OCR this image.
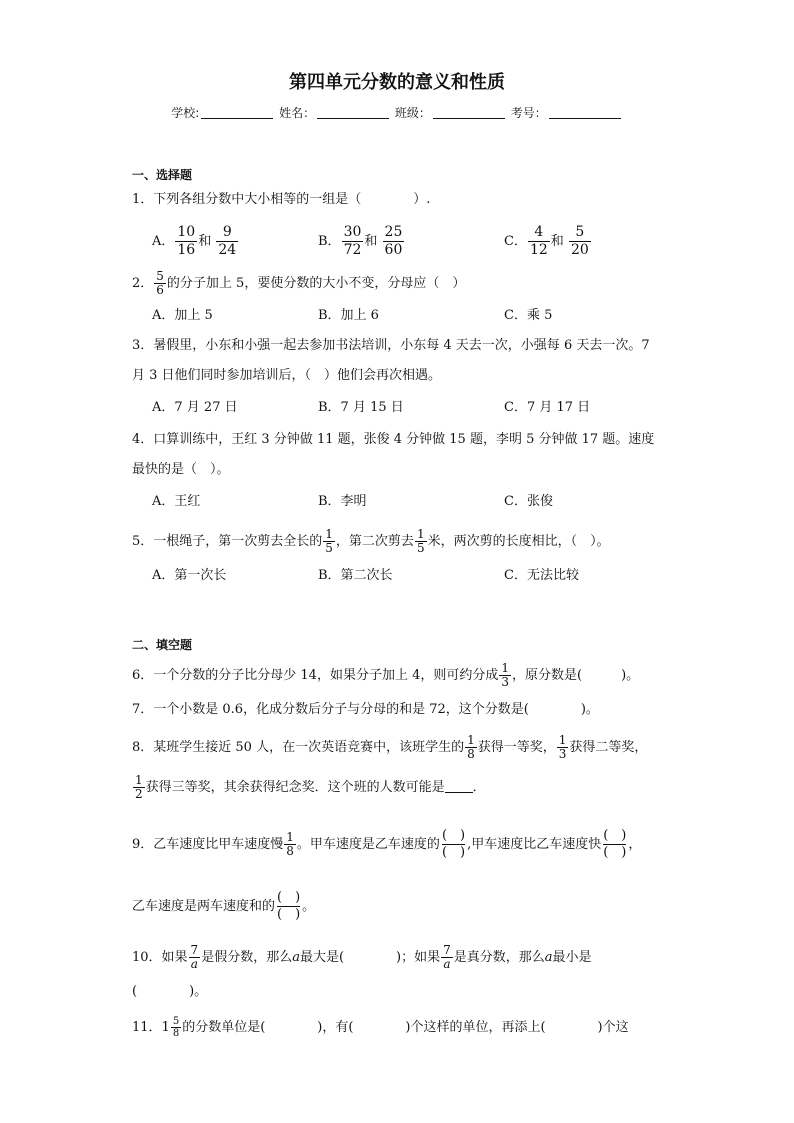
第四单元分数的意义和性质
学校:	姓名：	班级：	考号：
一、选择题
1．下列各组分数中大小相等的一组是（　　　　）.
A． $\frac{10}{16}$ 和 $\frac{9}{24}$	B． $\frac{30}{72}$ 和 $\frac{25}{60}$	C． $\frac{4}{12}$ 和 $\frac{5}{20}$
2． $\frac{5}{6}$ 的分子加上 5，要使分数的大小不变，分母应（　）
A．加上 5	B．加上 6	C．乘 5
3．暑假里，小东和小强一起去参加书法培训，小东每 4 天去一次，小强每 6 天去一次。7
月 3 日他们同时参加培训后，（　）他们会再次相遇。
A．7 月 27 日	B．7 月 15 日	C．7 月 17 日
4．口算训练中，王红 3 分钟做 11 题，张俊 4 分钟做 15 题，李明 5 分钟做 17 题。速度
最快的是（　）。
A．王红	B．李明	C．张俊
5．一根绳子，第一次剪去全长的 $\frac{1}{5}$ ，第二次剪去 $\frac{1}{5}$ 米，两次剪的长度相比，（　）。
A．第一次长	B．第二次长	C．无法比较
二、填空题
6．一个分数的分子比分母少 14，如果分子加上 4，则可约分成 $\frac{1}{3}$ ，原分数是(　　　)。
7．一个小数是 0.6，化成分数后分子与分母的和是 72，这个分数是(　　　　)。
8．某班学生接近 50 人，在一次英语竞赛中，该班学生的 $\frac{1}{8}$ 获得一等奖， $\frac{1}{3}$ 获得二等奖，
$\frac{1}{2}$ 获得三等奖，其余获得纪念奖．这个班的人数可能是 ．
9．乙车速度比甲车速度慢 $\frac{1}{8}$ 。甲车速度是乙车速度的 $\frac{( )}{( )}$ ,甲车速度比乙车速度快 $\frac{( )}{( )}$ ，
乙车速度是两车速度和的 $\frac{( )}{( )}$ 。
10．如果 $\frac{7}{a}$ 是假分数，那么a最大是(　　　　)；如果 $\frac{7}{a}$ 是真分数，那么a最小是
(　　　　)。
11． $1 \frac{5}{8}$ 的分数单位是(　　　　)，有(　　　　)个这样的单位，再添上(　　　　)个这
